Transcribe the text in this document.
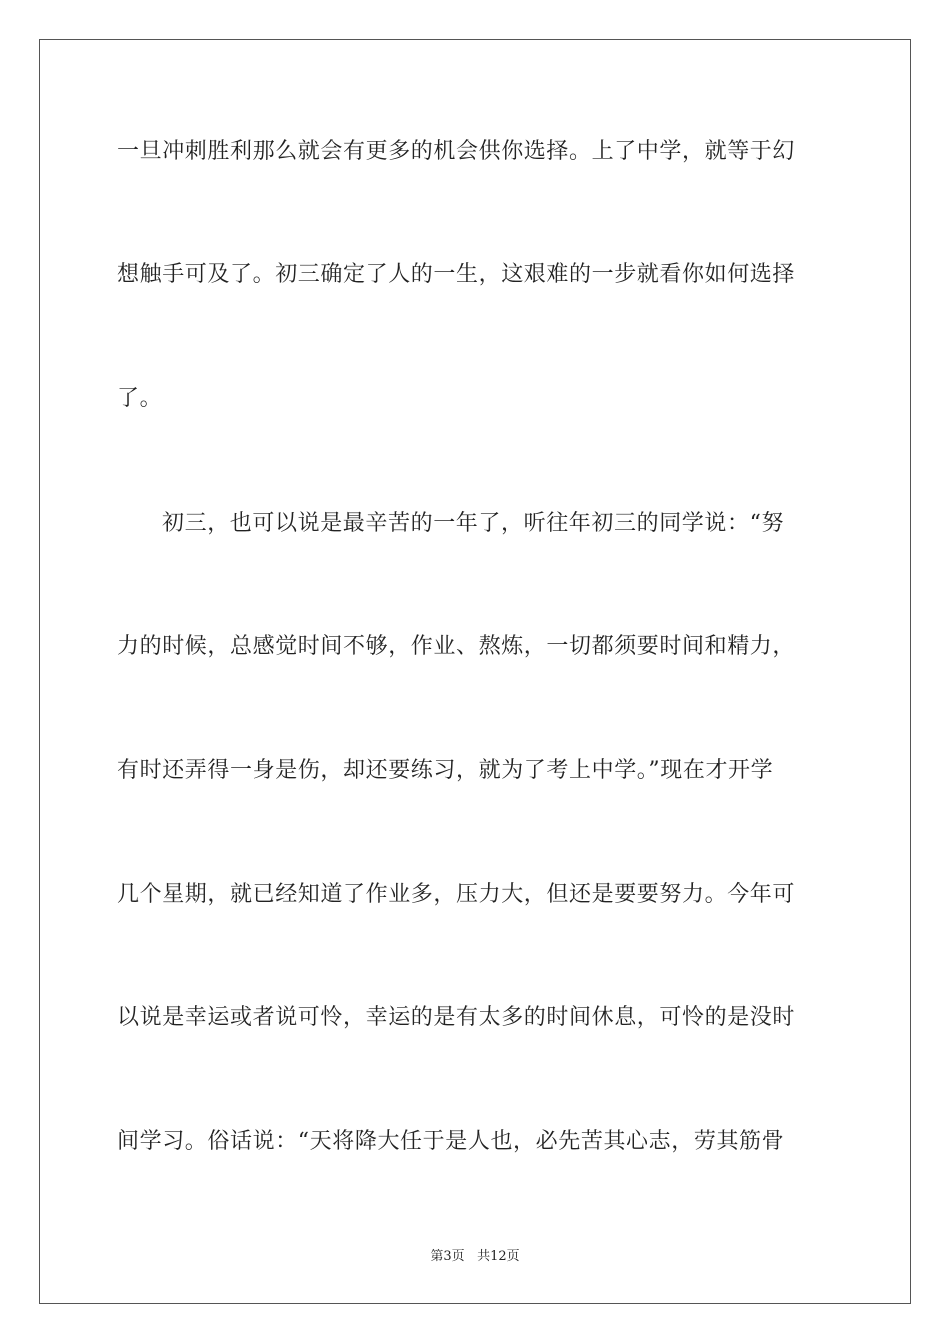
一旦冲刺胜利那么就会有更多的机会供你选择。上了中学，就等于幻
想触手可及了。初三确定了人的一生，这艰难的一步就看你如何选择
了。
初三，也可以说是最辛苦的一年了，听往年初三的同学说：“努
力的时候，总感觉时间不够，作业、熬炼，一切都须要时间和精力，
有时还弄得一身是伤，却还要练习，就为了考上中学。”现在才开学
几个星期，就已经知道了作业多，压力大，但还是要要努力。今年可
以说是幸运或者说可怜，幸运的是有太多的时间休息，可怜的是没时
间学习。俗话说：“天将降大任于是人也，必先苦其心志，劳其筋骨
第3页 共12页
